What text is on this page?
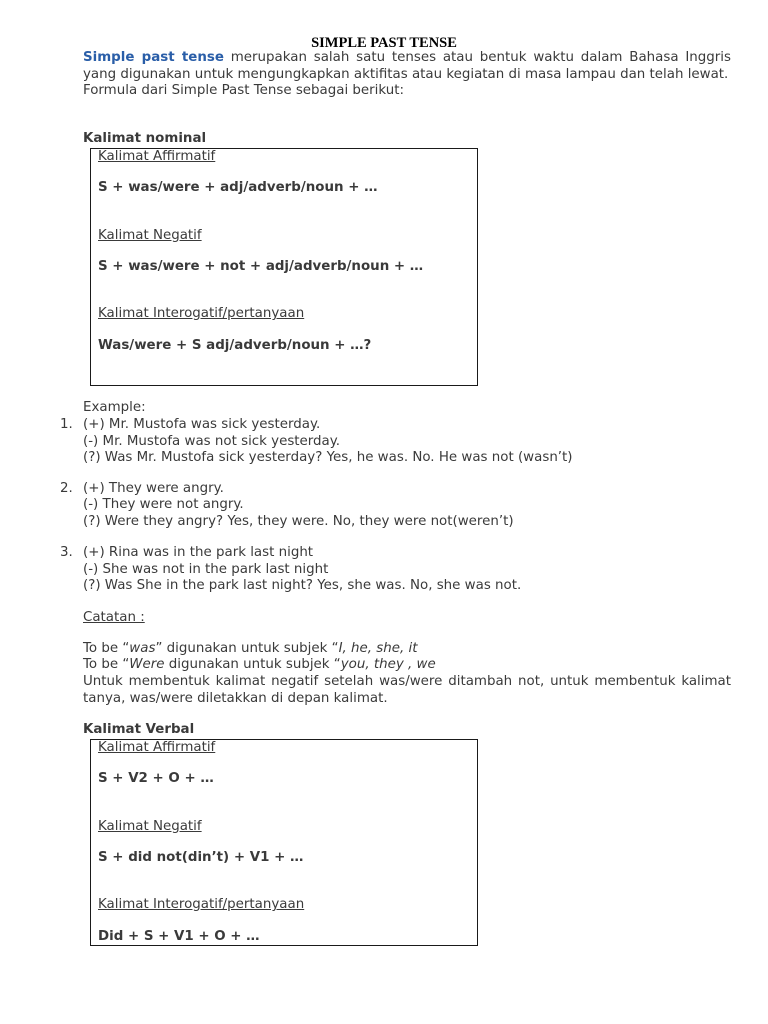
SIMPLE PAST TENSE

Simple past tense merupakan salah satu tenses atau bentuk waktu dalam Bahasa Inggris yang digunakan untuk mengungkapkan aktifitas atau kegiatan di masa lampau dan telah lewat.

Formula dari Simple Past Tense sebagai berikut:

Kalimat nominal
Kalimat Affirmatif
S + was/were + adj/adverb/noun + …
Kalimat Negatif
S + was/were + not + adj/adverb/noun + …
Kalimat Interogatif/pertanyaan
Was/were + S adj/adverb/noun + …?
Example:
1. (+) Mr. Mustofa was sick yesterday.
(-) Mr. Mustofa was not sick yesterday.
(?) Was Mr. Mustofa sick yesterday? Yes, he was. No. He was not (wasn’t)
2. (+) They were angry.
(-) They were not angry.
(?) Were they angry? Yes, they were. No, they were not(weren’t)
3. (+) Rina was in the park last night
(-) She was not in the park last night
(?) Was She in the park last night? Yes, she was. No, she was not.
Catatan :
To be “was” digunakan untuk subjek “I, he, she, it
To be “Were digunakan untuk subjek “you, they , we

Untuk membentuk kalimat negatif setelah was/were ditambah not, untuk membentuk kalimat tanya, was/were diletakkan di depan kalimat.

Kalimat Verbal
Kalimat Affirmatif
S + V2 + O + …
Kalimat Negatif
S + did not(din’t) + V1 + …
Kalimat Interogatif/pertanyaan
Did + S + V1 + O + …
